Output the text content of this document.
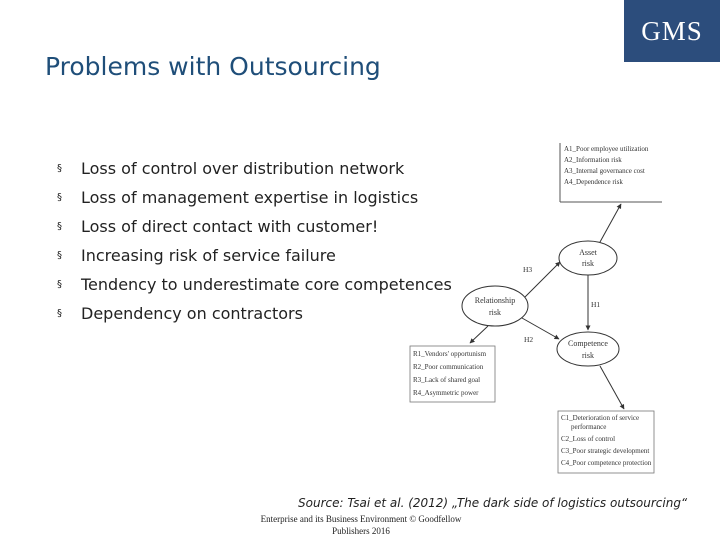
GMS
Problems with Outsourcing
§	Loss of control over distribution network
§	Loss of management expertise in logistics
§	Loss of direct contact with customer!
§	Increasing risk of service failure
§	Tendency to underestimate core competences
§	Dependency on contractors
A1_Poor employee utilization
A2_Information risk
A3_Internal governance cost
A4_Dependence risk
Asset
risk
Relationship
risk
Competence
risk
H3
H1
H2
R1_Vendors' opportunism
R2_Poor communication
R3_Lack of shared goal
R4_Asymmetric power
C1_Deterioration of service
performance
C2_Loss of control
C3_Poor strategic development
C4_Poor competence protection
Source: Tsai et al. (2012) „The dark side of logistics outsourcing“
Enterprise and its Business Environment © Goodfellow
Publishers 2016
